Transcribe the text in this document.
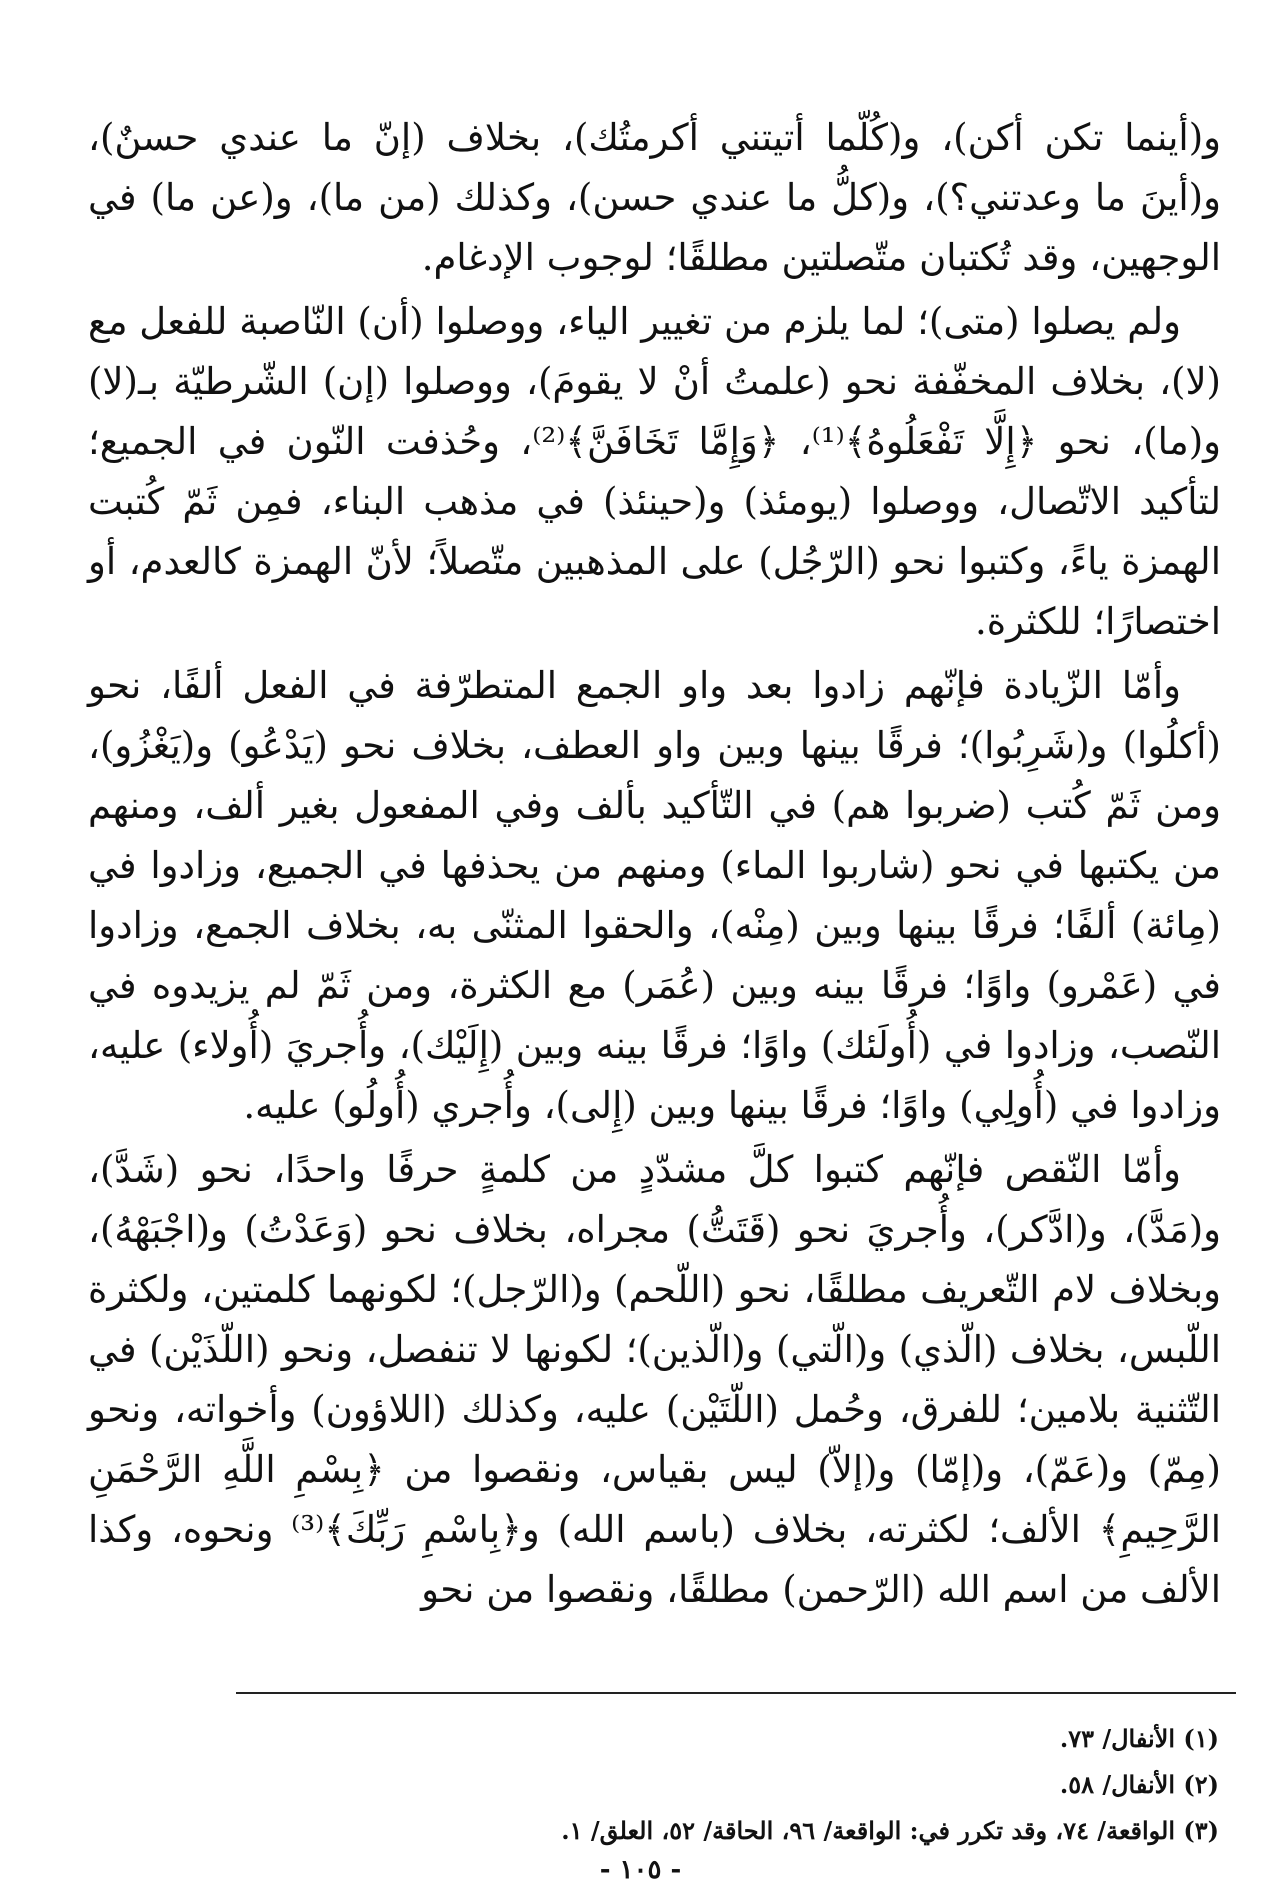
و(أينما تكن أكن)، و(كُلّما أتيتني أكرمتُك)، بخلاف (إنّ ما عندي حسنٌ)، و(أينَ ما وعدتني؟)، و(كلُّ ما عندي حسن)، وكذلك (من ما)، و(عن ما) في الوجهين، وقد تُكتبان متّصلتين مطلقًا؛ لوجوب الإدغام.

ولم يصلوا (متى)؛ لما يلزم من تغيير الياء، ووصلوا (أن) النّاصبة للفعل مع (لا)، بخلاف المخفّفة نحو (علمتُ أنْ لا يقومَ)، ووصلوا (إن) الشّرطيّة بـ(لا) و(ما)، نحو ﴿إِلَّا تَفْعَلُوهُ﴾⁽¹⁾، ﴿وَإِمَّا تَخَافَنَّ﴾⁽²⁾، وحُذفت النّون في الجميع؛ لتأكيد الاتّصال، ووصلوا (يومئذ) و(حينئذ) في مذهب البناء، فمِن ثَمّ كُتبت الهمزة ياءً، وكتبوا نحو (الرّجُل) على المذهبين متّصلاً؛ لأنّ الهمزة كالعدم، أو اختصارًا؛ للكثرة.

وأمّا الزّيادة فإنّهم زادوا بعد واو الجمع المتطرّفة في الفعل ألفًا، نحو (أكلُوا) و(شَرِبُوا)؛ فرقًا بينها وبين واو العطف، بخلاف نحو (يَدْعُو) و(يَغْزُو)، ومن ثَمّ كُتب (ضربوا هم) في التّأكيد بألف وفي المفعول بغير ألف، ومنهم من يكتبها في نحو (شاربوا الماء) ومنهم من يحذفها في الجميع، وزادوا في (مِائة) ألفًا؛ فرقًا بينها وبين (مِنْه)، والحقوا المثنّى به، بخلاف الجمع، وزادوا في (عَمْرو) واوًا؛ فرقًا بينه وبين (عُمَر) مع الكثرة، ومن ثَمّ لم يزيدوه في النّصب، وزادوا في (أُولَئك) واوًا؛ فرقًا بينه وبين (إِلَيْك)، وأُجريَ (أُولاء) عليه، وزادوا في (أُولِي) واوًا؛ فرقًا بينها وبين (إِلى)، وأُجري (أُولُو) عليه.

وأمّا النّقص فإنّهم كتبوا كلَّ مشدّدٍ من كلمةٍ حرفًا واحدًا، نحو (شَدَّ)، و(مَدَّ)، و(ادَّكر)، وأُجريَ نحو (قَتَتُّ) مجراه، بخلاف نحو (وَعَدْتُ) و(اجْبَهْهُ)، وبخلاف لام التّعريف مطلقًا، نحو (اللّحم) و(الرّجل)؛ لكونهما كلمتين، ولكثرة اللّبس، بخلاف (الّذي) و(الّتي) و(الّذين)؛ لكونها لا تنفصل، ونحو (اللّذَيْن) في التّثنية بلامين؛ للفرق، وحُمل (اللّتَيْن) عليه، وكذلك (اللاؤون) وأخواته، ونحو (مِمّ) و(عَمّ)، و(إمّا) و(إلاّ) ليس بقياس، ونقصوا من ﴿بِسْمِ اللَّهِ الرَّحْمَنِ الرَّحِيمِ﴾ الألف؛ لكثرته، بخلاف (باسم الله) و﴿بِاسْمِ رَبِّكَ﴾⁽³⁾ ونحوه، وكذا الألف من اسم الله (الرّحمن) مطلقًا، ونقصوا من نحو

(١) الأنفال/ ٧٣.

(٢) الأنفال/ ٥٨.

(٣) الواقعة/ ٧٤، وقد تكرر في: الواقعة/ ٩٦، الحاقة/ ٥٢، العلق/ ١.

- ١٠٥ -
